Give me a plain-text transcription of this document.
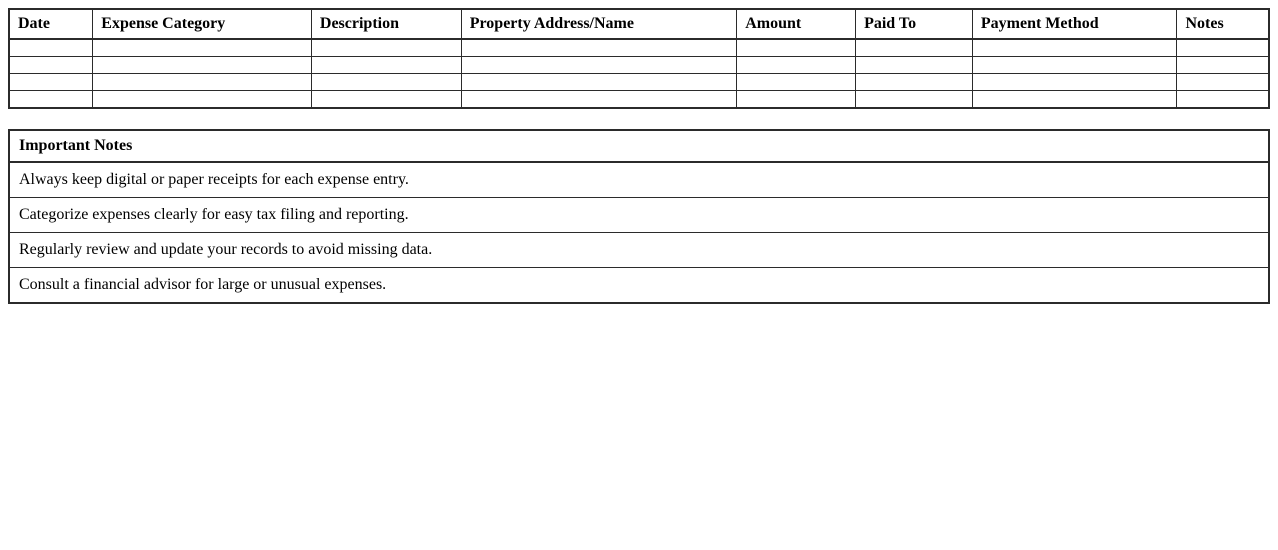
Date	Expense Category	Description	Property Address/Name	Amount	Paid To	Payment Method	Notes

Important Notes
Always keep digital or paper receipts for each expense entry.
Categorize expenses clearly for easy tax filing and reporting.
Regularly review and update your records to avoid missing data.
Consult a financial advisor for large or unusual expenses.
